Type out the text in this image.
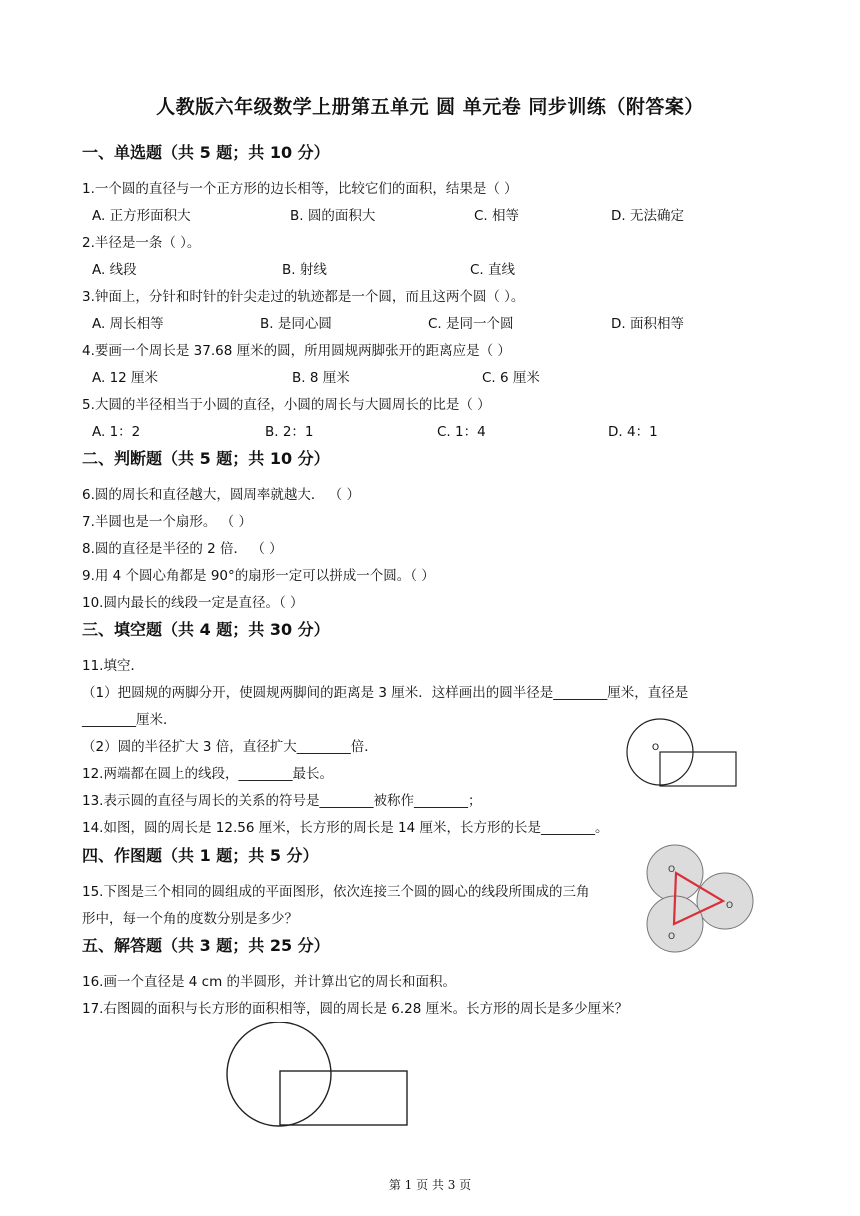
人教版六年级数学上册第五单元 圆 单元卷 同步训练（附答案）
一、单选题（共 5 题；共 10 分）
1.一个圆的直径与一个正方形的边长相等，比较它们的面积，结果是（ ）
A. 正方形面积大	B. 圆的面积大	C. 相等	D. 无法确定
2.半径是一条（ ）。
A. 线段	B. 射线	C. 直线
3.钟面上，分针和时针的针尖走过的轨迹都是一个圆，而且这两个圆（ ）。
A. 周长相等	B. 是同心圆	C. 是同一个圆	D. 面积相等
4.要画一个周长是 37.68 厘米的圆，所用圆规两脚张开的距离应是（ ）
A. 12 厘米	B. 8 厘米	C. 6 厘米
5.大圆的半径相当于小圆的直径，小圆的周长与大圆周长的比是（ ）
A. 1：2	B. 2：1	C. 1：4	D. 4：1
二、判断题（共 5 题；共 10 分）
6.圆的周长和直径越大，圆周率就越大． （ ）
7.半圆也是一个扇形。 （ ）
8.圆的直径是半径的 2 倍． （ ）
9.用 4 个圆心角都是 90°的扇形一定可以拼成一个圆。（ ）
10.圆内最长的线段一定是直径。（ ）
三、填空题（共 4 题；共 30 分）
11.填空．
（1）把圆规的两脚分开，使圆规两脚间的距离是 3 厘米．这样画出的圆半径是________厘米，直径是
________厘米．
（2）圆的半径扩大 3 倍，直径扩大________倍．
12.两端都在圆上的线段，________最长。
13.表示圆的直径与周长的关系的符号是________被称作________；
14.如图，圆的周长是 12.56 厘米，长方形的周长是 14 厘米，长方形的长是________。
O
四、作图题（共 1 题；共 5 分）
15.下图是三个相同的圆组成的平面图形，依次连接三个圆的圆心的线段所围成的三角
形中，每一个角的度数分别是多少？
O
O
O
五、解答题（共 3 题；共 25 分）
16.画一个直径是 4 cm 的半圆形，并计算出它的周长和面积。
17.右图圆的面积与长方形的面积相等，圆的周长是 6.28 厘米。长方形的周长是多少厘米？
第 1 页 共 3 页
